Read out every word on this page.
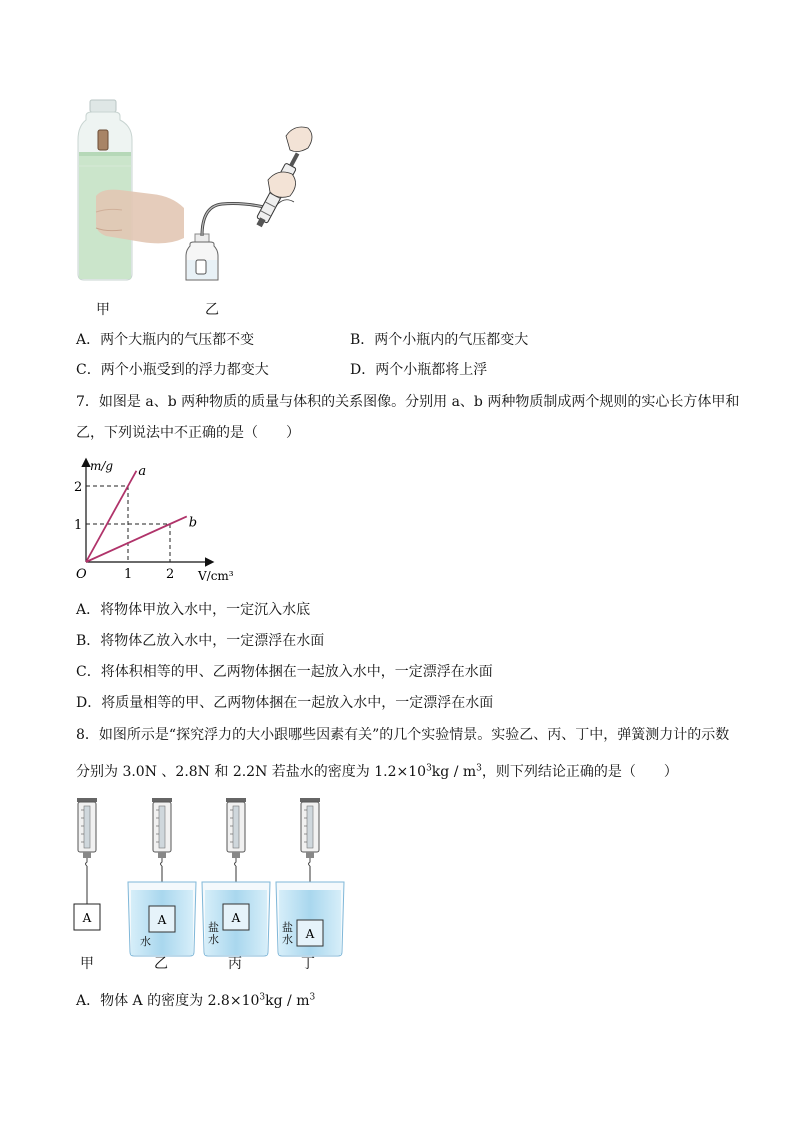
甲	乙
A．两个大瓶内的气压都不变	B．两个小瓶内的气压都变大
C．两个小瓶受到的浮力都变大	D．两个小瓶都将上浮
7．如图是 a、b 两种物质的质量与体积的关系图像。分别用 a、b 两种物质制成两个规则的实心长方体甲和
乙，下列说法中不正确的是（　　）
m/g
V/cm³
O	1	2
1
2
a
b
A．将物体甲放入水中，一定沉入水底
B．将物体乙放入水中，一定漂浮在水面
C．将体积相等的甲、乙两物体捆在一起放入水中，一定漂浮在水面
D．将质量相等的甲、乙两物体捆在一起放入水中，一定漂浮在水面
8．如图所示是“探究浮力的大小跟哪些因素有关”的几个实验情景。实验乙、丙、丁中，弹簧测力计的示数
分别为 3.0N 、2.8N 和 2.2N 若盐水的密度为 $1.2\times 10^3kg / m^3$，则下列结论正确的是（　　）
A	A	A
A
水
盐
水
盐
水
甲	乙	丙	丁
A．物体 A 的密度为 $2.8\times 10^3kg / m^3$
